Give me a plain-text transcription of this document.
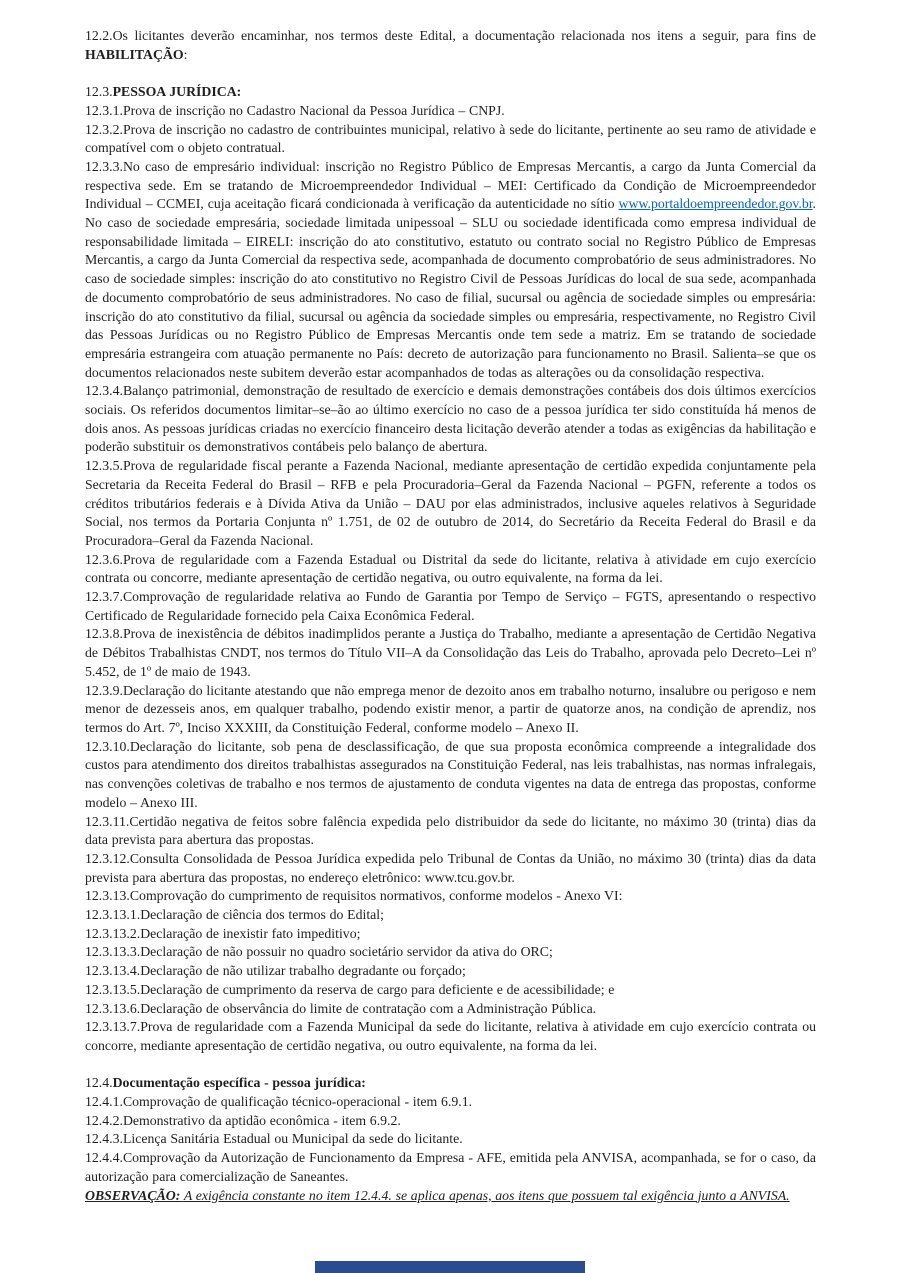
12.2.Os licitantes deverão encaminhar, nos termos deste Edital, a documentação relacionada nos itens a seguir, para fins de HABILITAÇÃO:

12.3.PESSOA JURÍDICA:

12.3.1.Prova de inscrição no Cadastro Nacional da Pessoa Jurídica – CNPJ.

12.3.2.Prova de inscrição no cadastro de contribuintes municipal, relativo à sede do licitante, pertinente ao seu ramo de atividade e compatível com o objeto contratual.

12.3.3.No caso de empresário individual: inscrição no Registro Público de Empresas Mercantis, a cargo da Junta Comercial da respectiva sede. Em se tratando de Microempreendedor Individual – MEI: Certificado da Condição de Microempreendedor Individual – CCMEI, cuja aceitação ficará condicionada à verificação da autenticidade no sítio www.portaldoempreendedor.gov.br. No caso de sociedade empresária, sociedade limitada unipessoal – SLU ou sociedade identificada como empresa individual de responsabilidade limitada – EIRELI: inscrição do ato constitutivo, estatuto ou contrato social no Registro Público de Empresas Mercantis, a cargo da Junta Comercial da respectiva sede, acompanhada de documento comprobatório de seus administradores. No caso de sociedade simples: inscrição do ato constitutivo no Registro Civil de Pessoas Jurídicas do local de sua sede, acompanhada de documento comprobatório de seus administradores. No caso de filial, sucursal ou agência de sociedade simples ou empresária: inscrição do ato constitutivo da filial, sucursal ou agência da sociedade simples ou empresária, respectivamente, no Registro Civil das Pessoas Jurídicas ou no Registro Público de Empresas Mercantis onde tem sede a matriz. Em se tratando de sociedade empresária estrangeira com atuação permanente no País: decreto de autorização para funcionamento no Brasil. Salienta–se que os documentos relacionados neste subitem deverão estar acompanhados de todas as alterações ou da consolidação respectiva.

12.3.4.Balanço patrimonial, demonstração de resultado de exercício e demais demonstrações contábeis dos dois últimos exercícios sociais. Os referidos documentos limitar–se–ão ao último exercício no caso de a pessoa jurídica ter sido constituída há menos de dois anos. As pessoas jurídicas criadas no exercício financeiro desta licitação deverão atender a todas as exigências da habilitação e poderão substituir os demonstrativos contábeis pelo balanço de abertura.

12.3.5.Prova de regularidade fiscal perante a Fazenda Nacional, mediante apresentação de certidão expedida conjuntamente pela Secretaria da Receita Federal do Brasil – RFB e pela Procuradoria–Geral da Fazenda Nacional – PGFN, referente a todos os créditos tributários federais e à Dívida Ativa da União – DAU por elas administrados, inclusive aqueles relativos à Seguridade Social, nos termos da Portaria Conjunta nº 1.751, de 02 de outubro de 2014, do Secretário da Receita Federal do Brasil e da Procuradora–Geral da Fazenda Nacional.

12.3.6.Prova de regularidade com a Fazenda Estadual ou Distrital da sede do licitante, relativa à atividade em cujo exercício contrata ou concorre, mediante apresentação de certidão negativa, ou outro equivalente, na forma da lei.

12.3.7.Comprovação de regularidade relativa ao Fundo de Garantia por Tempo de Serviço – FGTS, apresentando o respectivo Certificado de Regularidade fornecido pela Caixa Econômica Federal.

12.3.8.Prova de inexistência de débitos inadimplidos perante a Justiça do Trabalho, mediante a apresentação de Certidão Negativa de Débitos Trabalhistas CNDT, nos termos do Título VII–A da Consolidação das Leis do Trabalho, aprovada pelo Decreto–Lei nº 5.452, de 1º de maio de 1943.

12.3.9.Declaração do licitante atestando que não emprega menor de dezoito anos em trabalho noturno, insalubre ou perigoso e nem menor de dezesseis anos, em qualquer trabalho, podendo existir menor, a partir de quatorze anos, na condição de aprendiz, nos termos do Art. 7º, Inciso XXXIII, da Constituição Federal, conforme modelo – Anexo II.

12.3.10.Declaração do licitante, sob pena de desclassificação, de que sua proposta econômica compreende a integralidade dos custos para atendimento dos direitos trabalhistas assegurados na Constituição Federal, nas leis trabalhistas, nas normas infralegais, nas convenções coletivas de trabalho e nos termos de ajustamento de conduta vigentes na data de entrega das propostas, conforme modelo – Anexo III.

12.3.11.Certidão negativa de feitos sobre falência expedida pelo distribuidor da sede do licitante, no máximo 30 (trinta) dias da data prevista para abertura das propostas.

12.3.12.Consulta Consolidada de Pessoa Jurídica expedida pelo Tribunal de Contas da União, no máximo 30 (trinta) dias da data prevista para abertura das propostas, no endereço eletrônico: www.tcu.gov.br.

12.3.13.Comprovação do cumprimento de requisitos normativos, conforme modelos - Anexo VI:

12.3.13.1.Declaração de ciência dos termos do Edital;

12.3.13.2.Declaração de inexistir fato impeditivo;

12.3.13.3.Declaração de não possuir no quadro societário servidor da ativa do ORC;

12.3.13.4.Declaração de não utilizar trabalho degradante ou forçado;

12.3.13.5.Declaração de cumprimento da reserva de cargo para deficiente e de acessibilidade; e

12.3.13.6.Declaração de observância do limite de contratação com a Administração Pública.

12.3.13.7.Prova de regularidade com a Fazenda Municipal da sede do licitante, relativa à atividade em cujo exercício contrata ou concorre, mediante apresentação de certidão negativa, ou outro equivalente, na forma da lei.

12.4.Documentação específica - pessoa jurídica:

12.4.1.Comprovação de qualificação técnico-operacional - item 6.9.1.

12.4.2.Demonstrativo da aptidão econômica - item 6.9.2.

12.4.3.Licença Sanitária Estadual ou Municipal da sede do licitante.

12.4.4.Comprovação da Autorização de Funcionamento da Empresa - AFE, emitida pela ANVISA, acompanhada, se for o caso, da autorização para comercialização de Saneantes.

OBSERVAÇÃO: A exigência constante no item 12.4.4. se aplica apenas, aos itens que possuem tal exigência junto a ANVISA.
